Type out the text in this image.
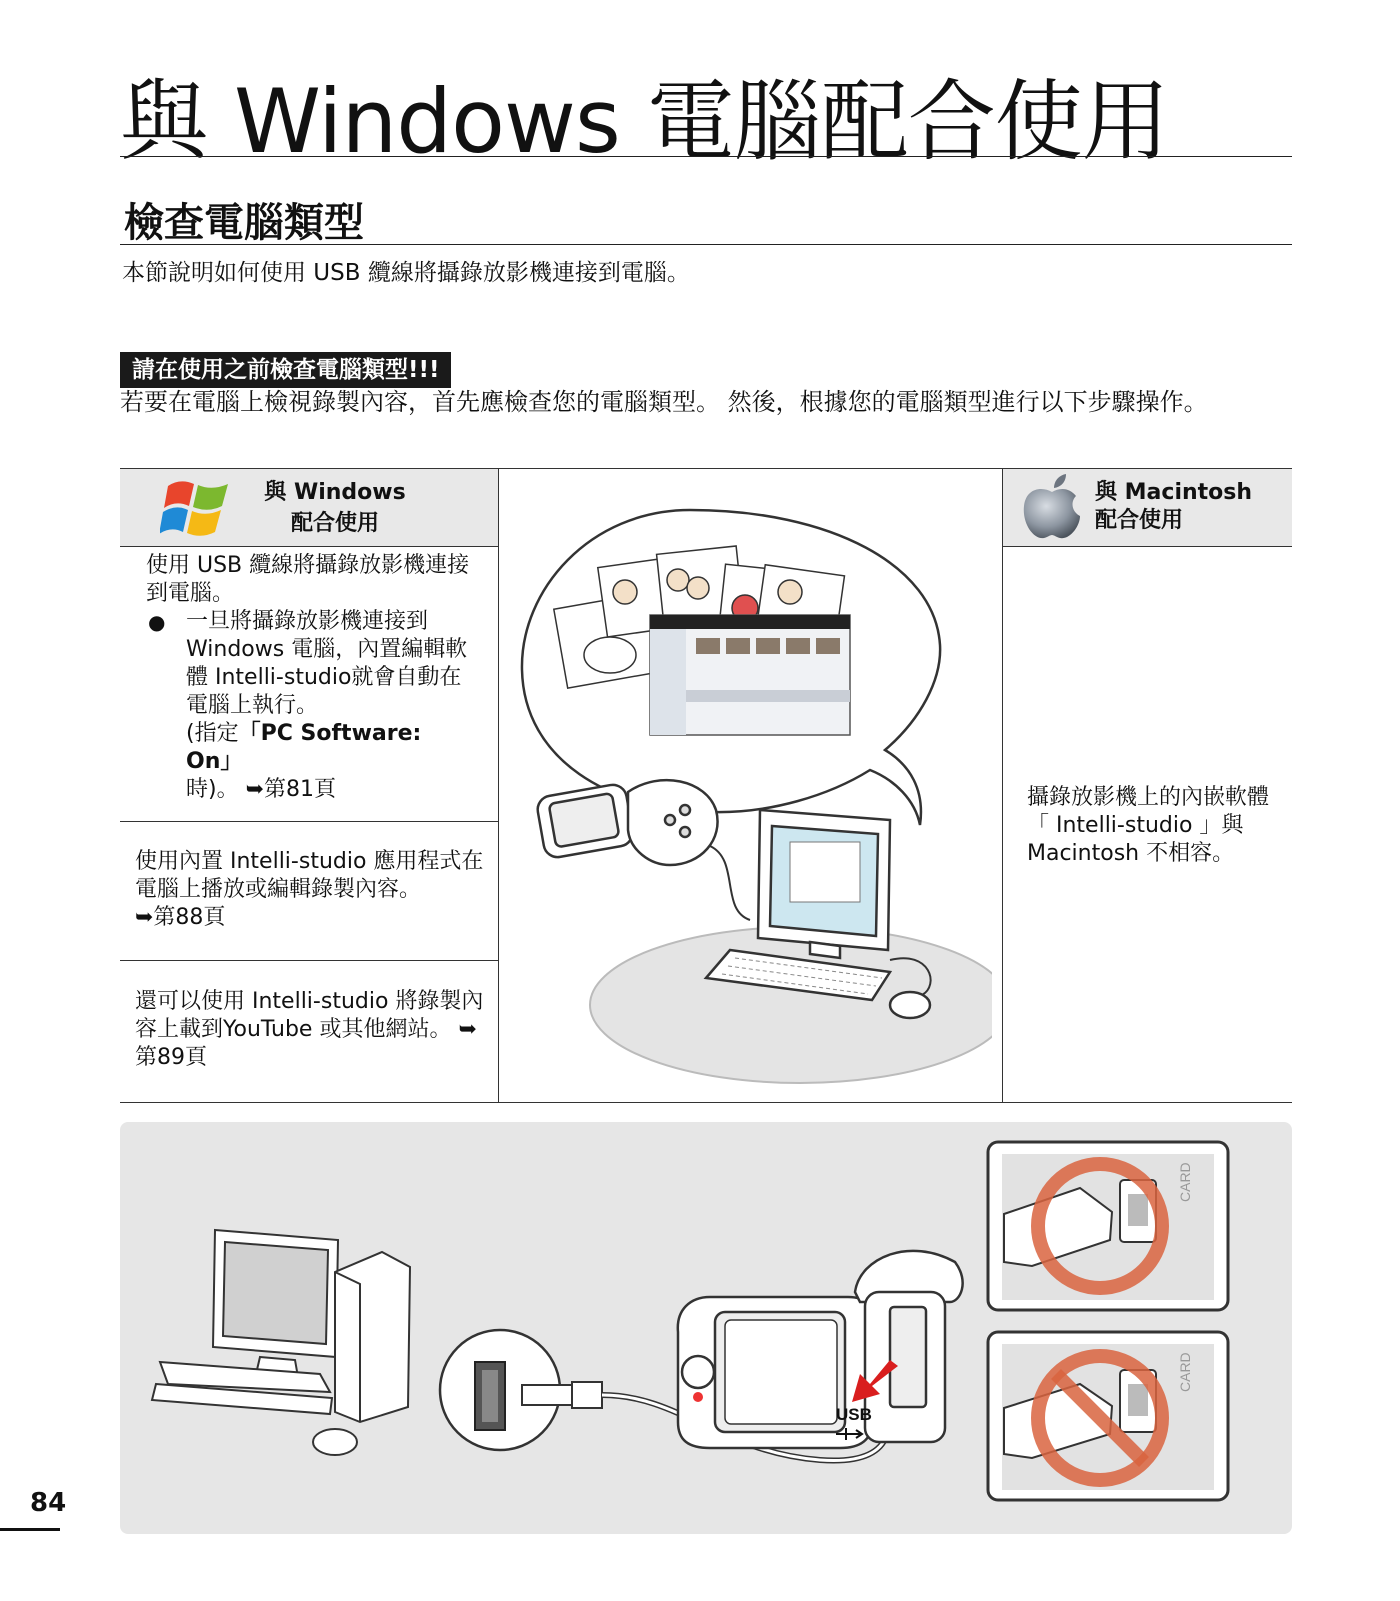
與 Windows 電腦配合使用
檢查電腦類型
本節說明如何使用 USB 纜線將攝錄放影機連接到電腦。
請在使用之前檢查電腦類型!!!
若要在電腦上檢視錄製內容，首先應檢查您的電腦類型。 然後，根據您的電腦類型進行以下步驟操作。
與 Windows
配合使用
與 Macintosh
配合使用
使用 USB 纜線將攝錄放影機連接到電腦。
● 一旦將攝錄放影機連接到 Windows 電腦，內置編輯軟體 Intelli-studio就會自動在電腦上執行。
(指定「PC Software: On」
時)。 ➥第81頁
使用內置 Intelli-studio 應用程式在電腦上播放或編輯錄製內容。
➥第88頁
還可以使用 Intelli-studio 將錄製內容上載到YouTube 或其他網站。 ➥第89頁
攝錄放影機上的內嵌軟體「 Intelli-studio 」與 Macintosh 不相容。
USB
CARD
CARD
84
